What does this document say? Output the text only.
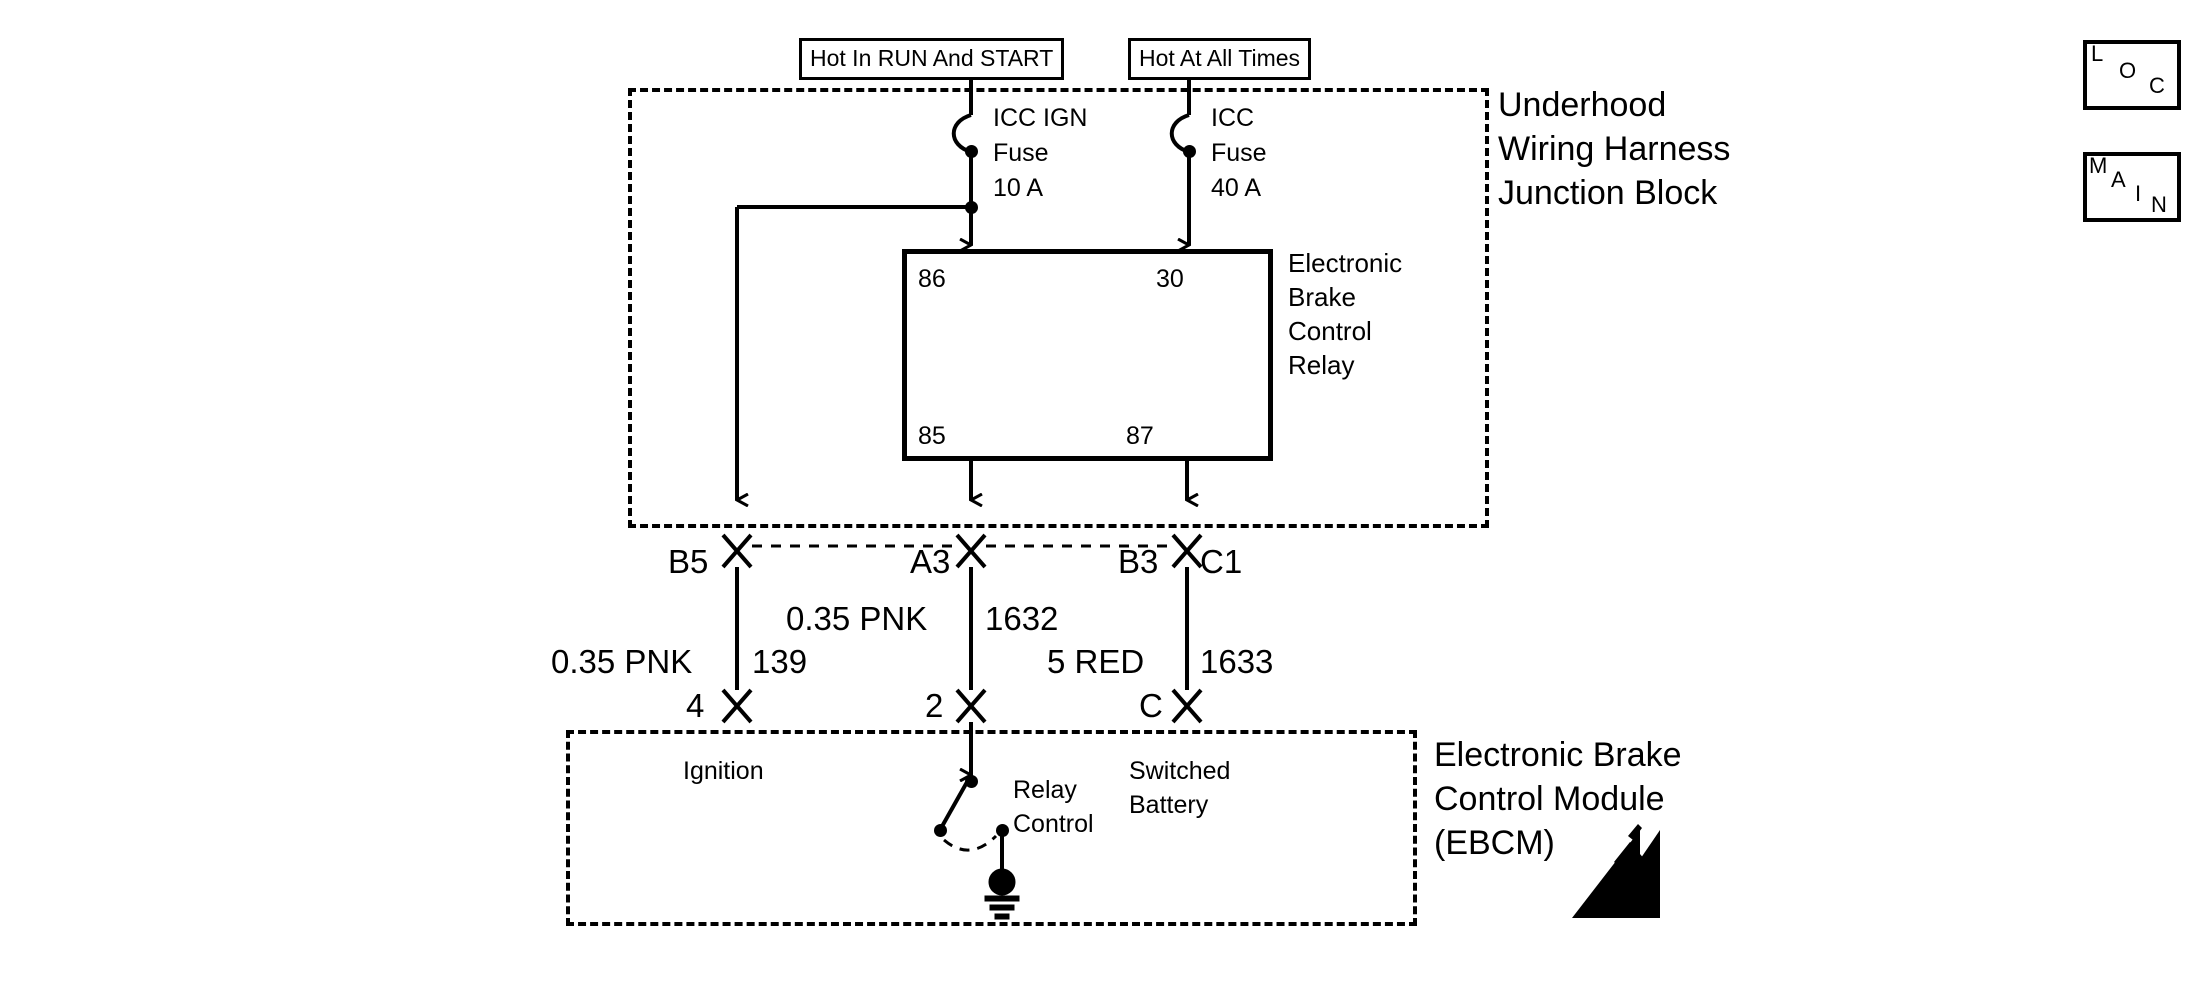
Hot In RUN And START	Hot At All Times
Underhood
Wiring Harness
Junction Block
ICC IGN
Fuse
10 A
ICC
Fuse
40 A
86
85
30
87
Electronic
Brake
Control
Relay
B5	A3	B3 C1
0.35 PNK 1632
0.35 PNK 139	5 RED 1633
4	2	C
Ignition
Relay
Control
Switched
Battery
Electronic Brake
Control Module
(EBCM)
L
O
C
M
A
I N
